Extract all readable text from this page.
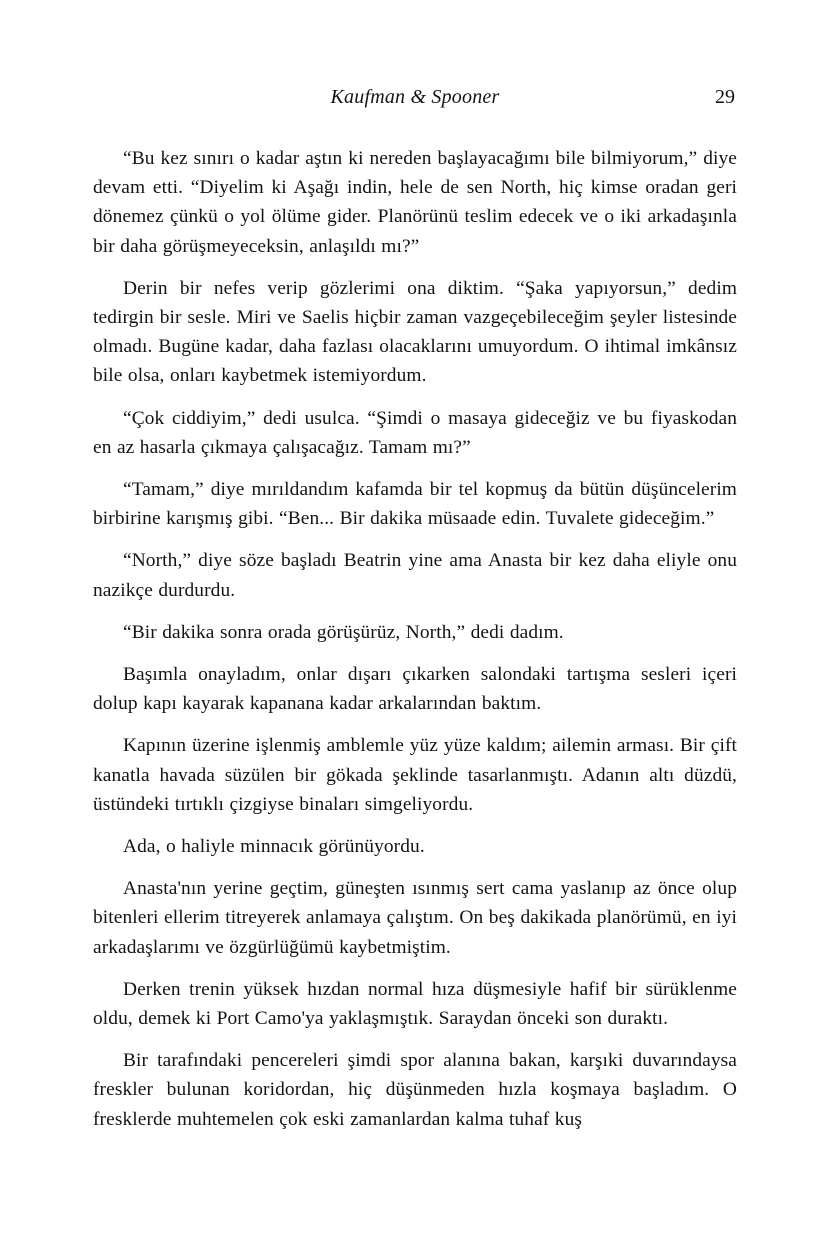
Kaufman & Spooner	29

“Bu kez sınırı o kadar aştın ki nereden başlayacağımı bile bilmiyorum,” diye devam etti. “Diyelim ki Aşağı indin, hele de sen North, hiç kimse oradan geri dönemez çünkü o yol ölüme gider. Planörünü teslim edecek ve o iki arkadaşınla bir daha görüşmeyeceksin, anlaşıldı mı?”

Derin bir nefes verip gözlerimi ona diktim. “Şaka yapıyorsun,” dedim tedirgin bir sesle. Miri ve Saelis hiçbir zaman vazgeçebileceğim şeyler listesinde olmadı. Bugüne kadar, daha fazlası olacaklarını umuyordum. O ihtimal imkânsız bile olsa, onları kaybetmek istemiyordum.

“Çok ciddiyim,” dedi usulca. “Şimdi o masaya gideceğiz ve bu fiyaskodan en az hasarla çıkmaya çalışacağız. Tamam mı?”

“Tamam,” diye mırıldandım kafamda bir tel kopmuş da bütün düşüncelerim birbirine karışmış gibi. “Ben... Bir dakika müsaade edin. Tuvalete gideceğim.”

“North,” diye söze başladı Beatrin yine ama Anasta bir kez daha eliyle onu nazikçe durdurdu.

“Bir dakika sonra orada görüşürüz, North,” dedi dadım.

Başımla onayladım, onlar dışarı çıkarken salondaki tartışma sesleri içeri dolup kapı kayarak kapanana kadar arkalarından baktım.

Kapının üzerine işlenmiş amblemle yüz yüze kaldım; ailemin arması. Bir çift kanatla havada süzülen bir gökada şeklinde tasarlanmıştı. Adanın altı düzdü, üstündeki tırtıklı çizgiyse binaları simgeliyordu.

Ada, o haliyle minnacık görünüyordu.

Anasta'nın yerine geçtim, güneşten ısınmış sert cama yaslanıp az önce olup bitenleri ellerim titreyerek anlamaya çalıştım. On beş dakikada planörümü, en iyi arkadaşlarımı ve özgürlüğümü kaybetmiştim.

Derken trenin yüksek hızdan normal hıza düşmesiyle hafif bir sürüklenme oldu, demek ki Port Camo'ya yaklaşmıştık. Saraydan önceki son duraktı.

Bir tarafındaki pencereleri şimdi spor alanına bakan, karşıki duvarındaysa freskler bulunan koridordan, hiç düşünmeden hızla koşmaya başladım. O fresklerde muhtemelen çok eski zamanlardan kalma tuhaf kuş
